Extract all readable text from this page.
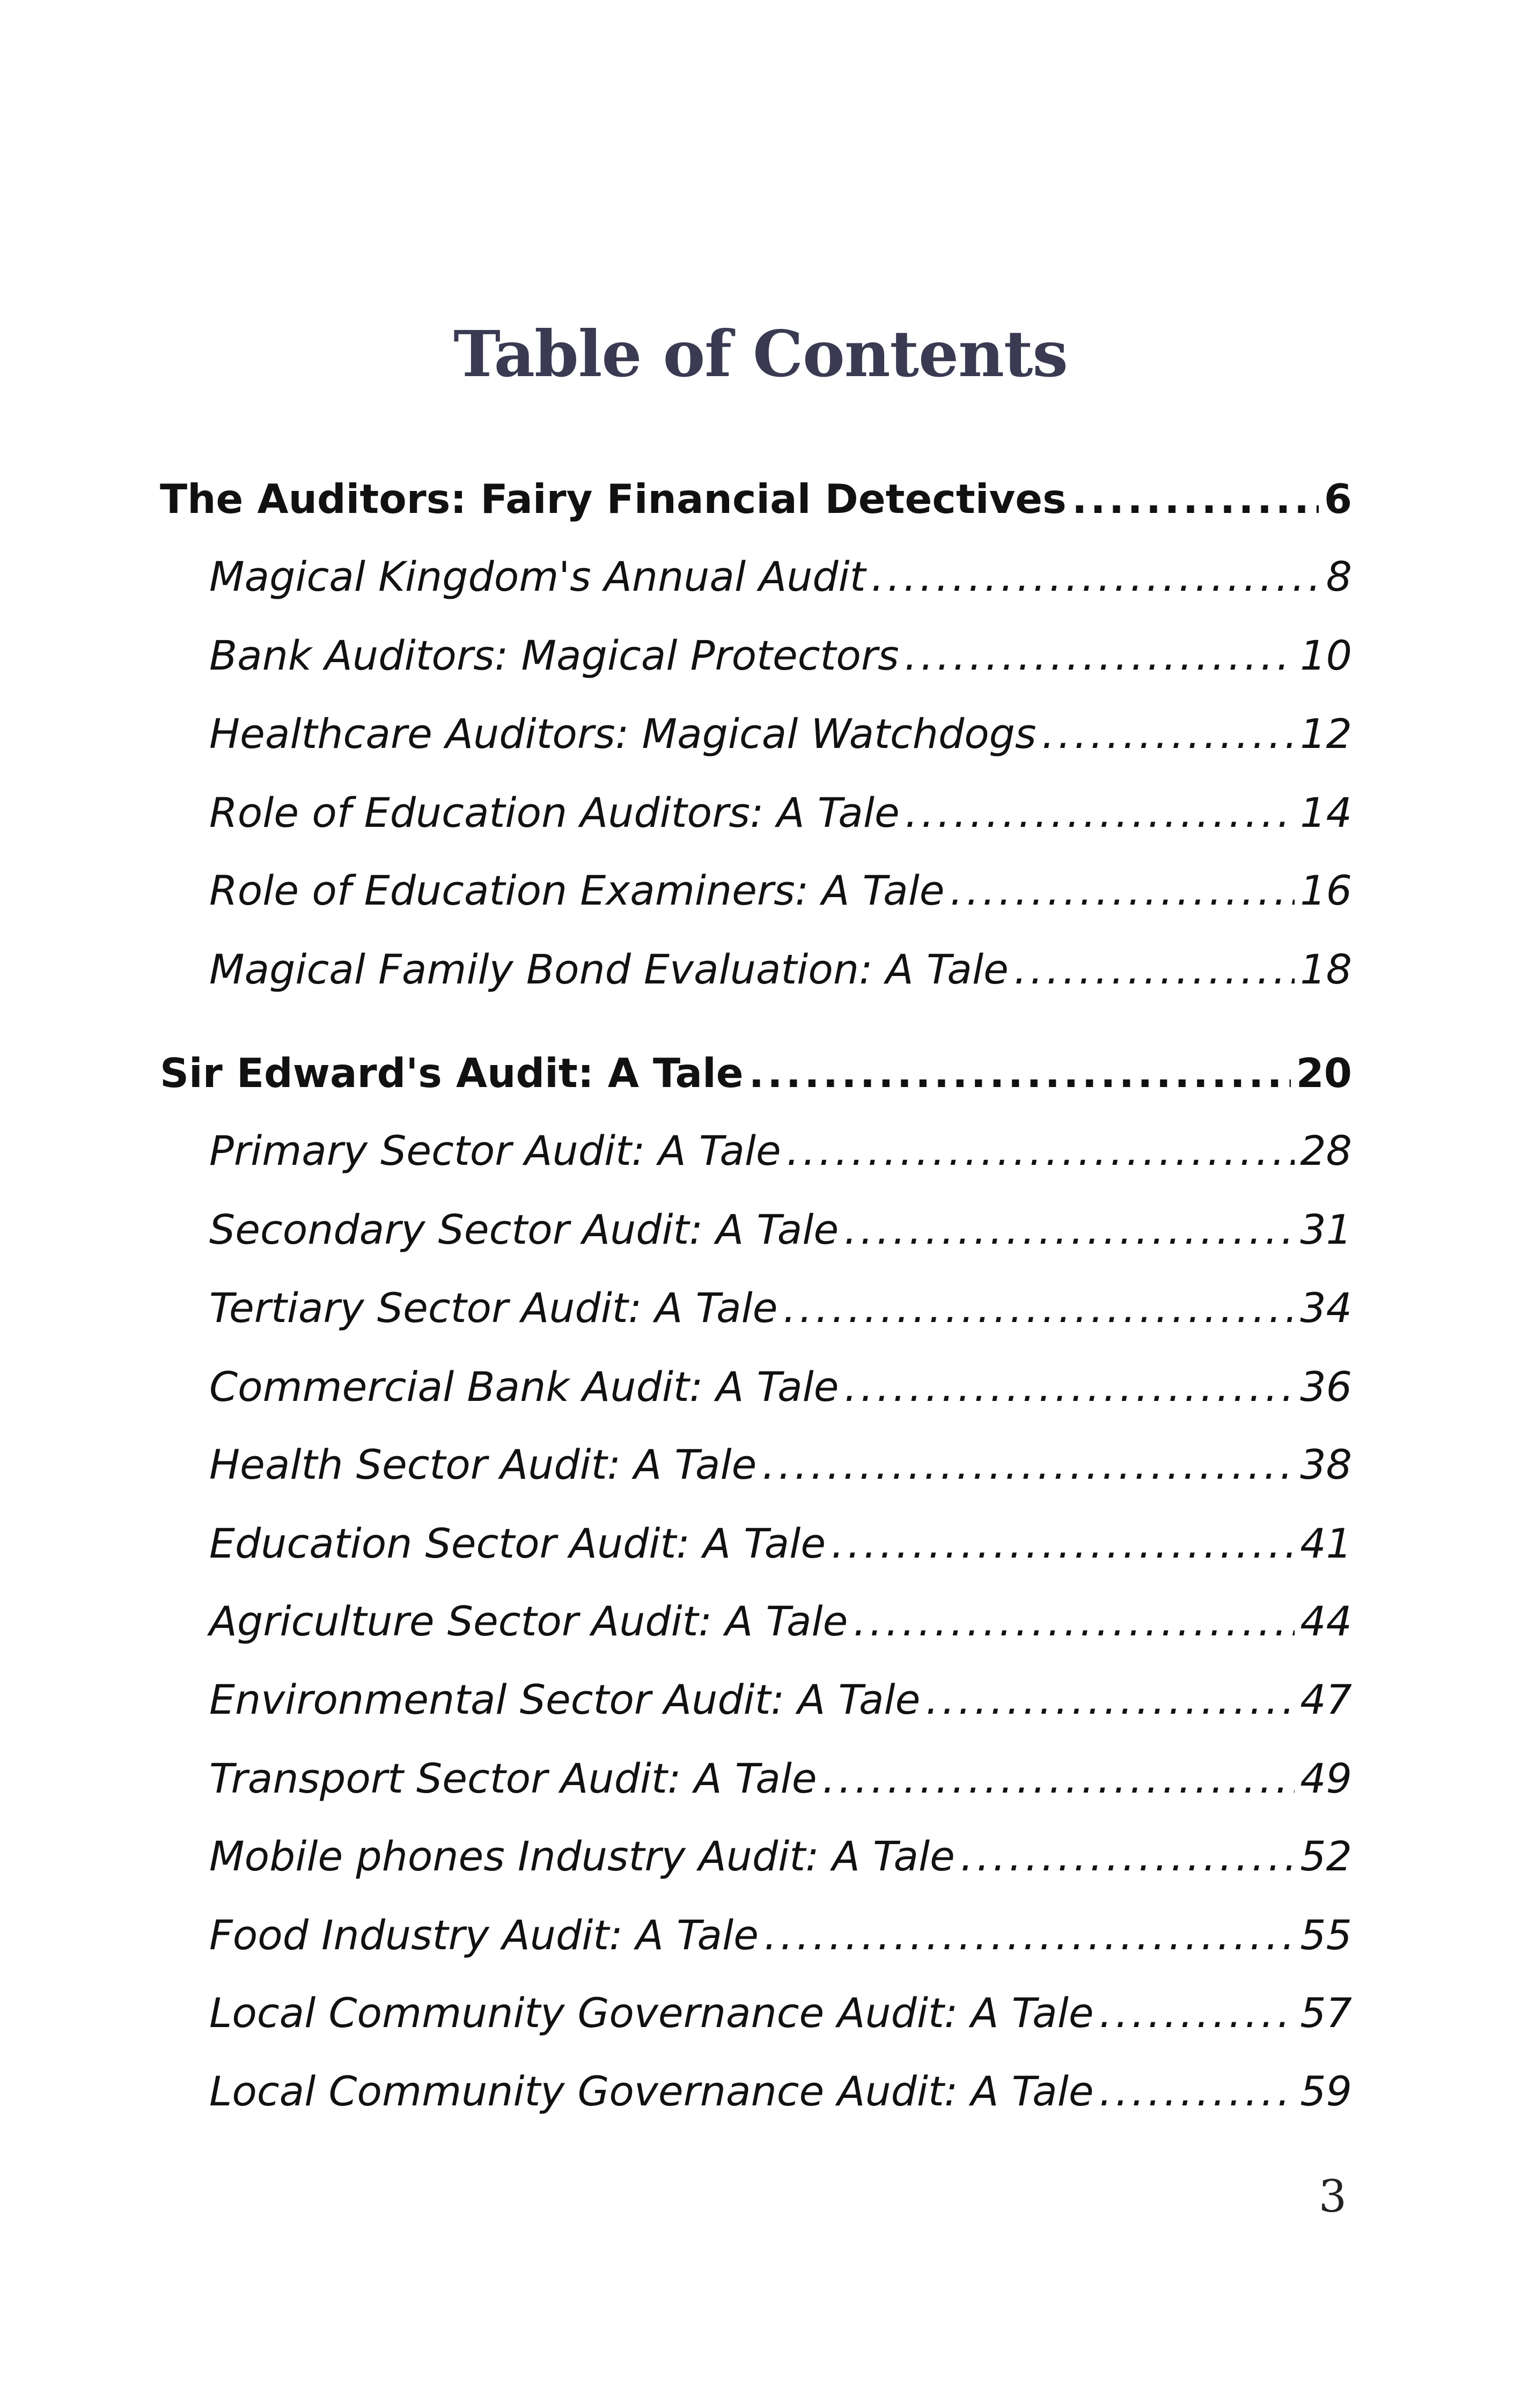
Table of Contents
The Auditors: Fairy Financial Detectives .....	6
Magical Kingdom's Annual Audit .....	8
Bank Auditors: Magical Protectors .....	10
Healthcare Auditors: Magical Watchdogs .....	12
Role of Education Auditors: A Tale .....	14
Role of Education Examiners: A Tale .....	16
Magical Family Bond Evaluation: A Tale .....	18
Sir Edward's Audit: A Tale .....	20
Primary Sector Audit: A Tale .....	28
Secondary Sector Audit: A Tale .....	31
Tertiary Sector Audit: A Tale .....	34
Commercial Bank Audit: A Tale .....	36
Health Sector Audit: A Tale .....	38
Education Sector Audit: A Tale .....	41
Agriculture Sector Audit: A Tale .....	44
Environmental Sector Audit: A Tale .....	47
Transport Sector Audit: A Tale .....	49
Mobile phones Industry Audit: A Tale .....	52
Food Industry Audit: A Tale .....	55
Local Community Governance Audit: A Tale .....	57
Local Community Governance Audit: A Tale .....	59
3
